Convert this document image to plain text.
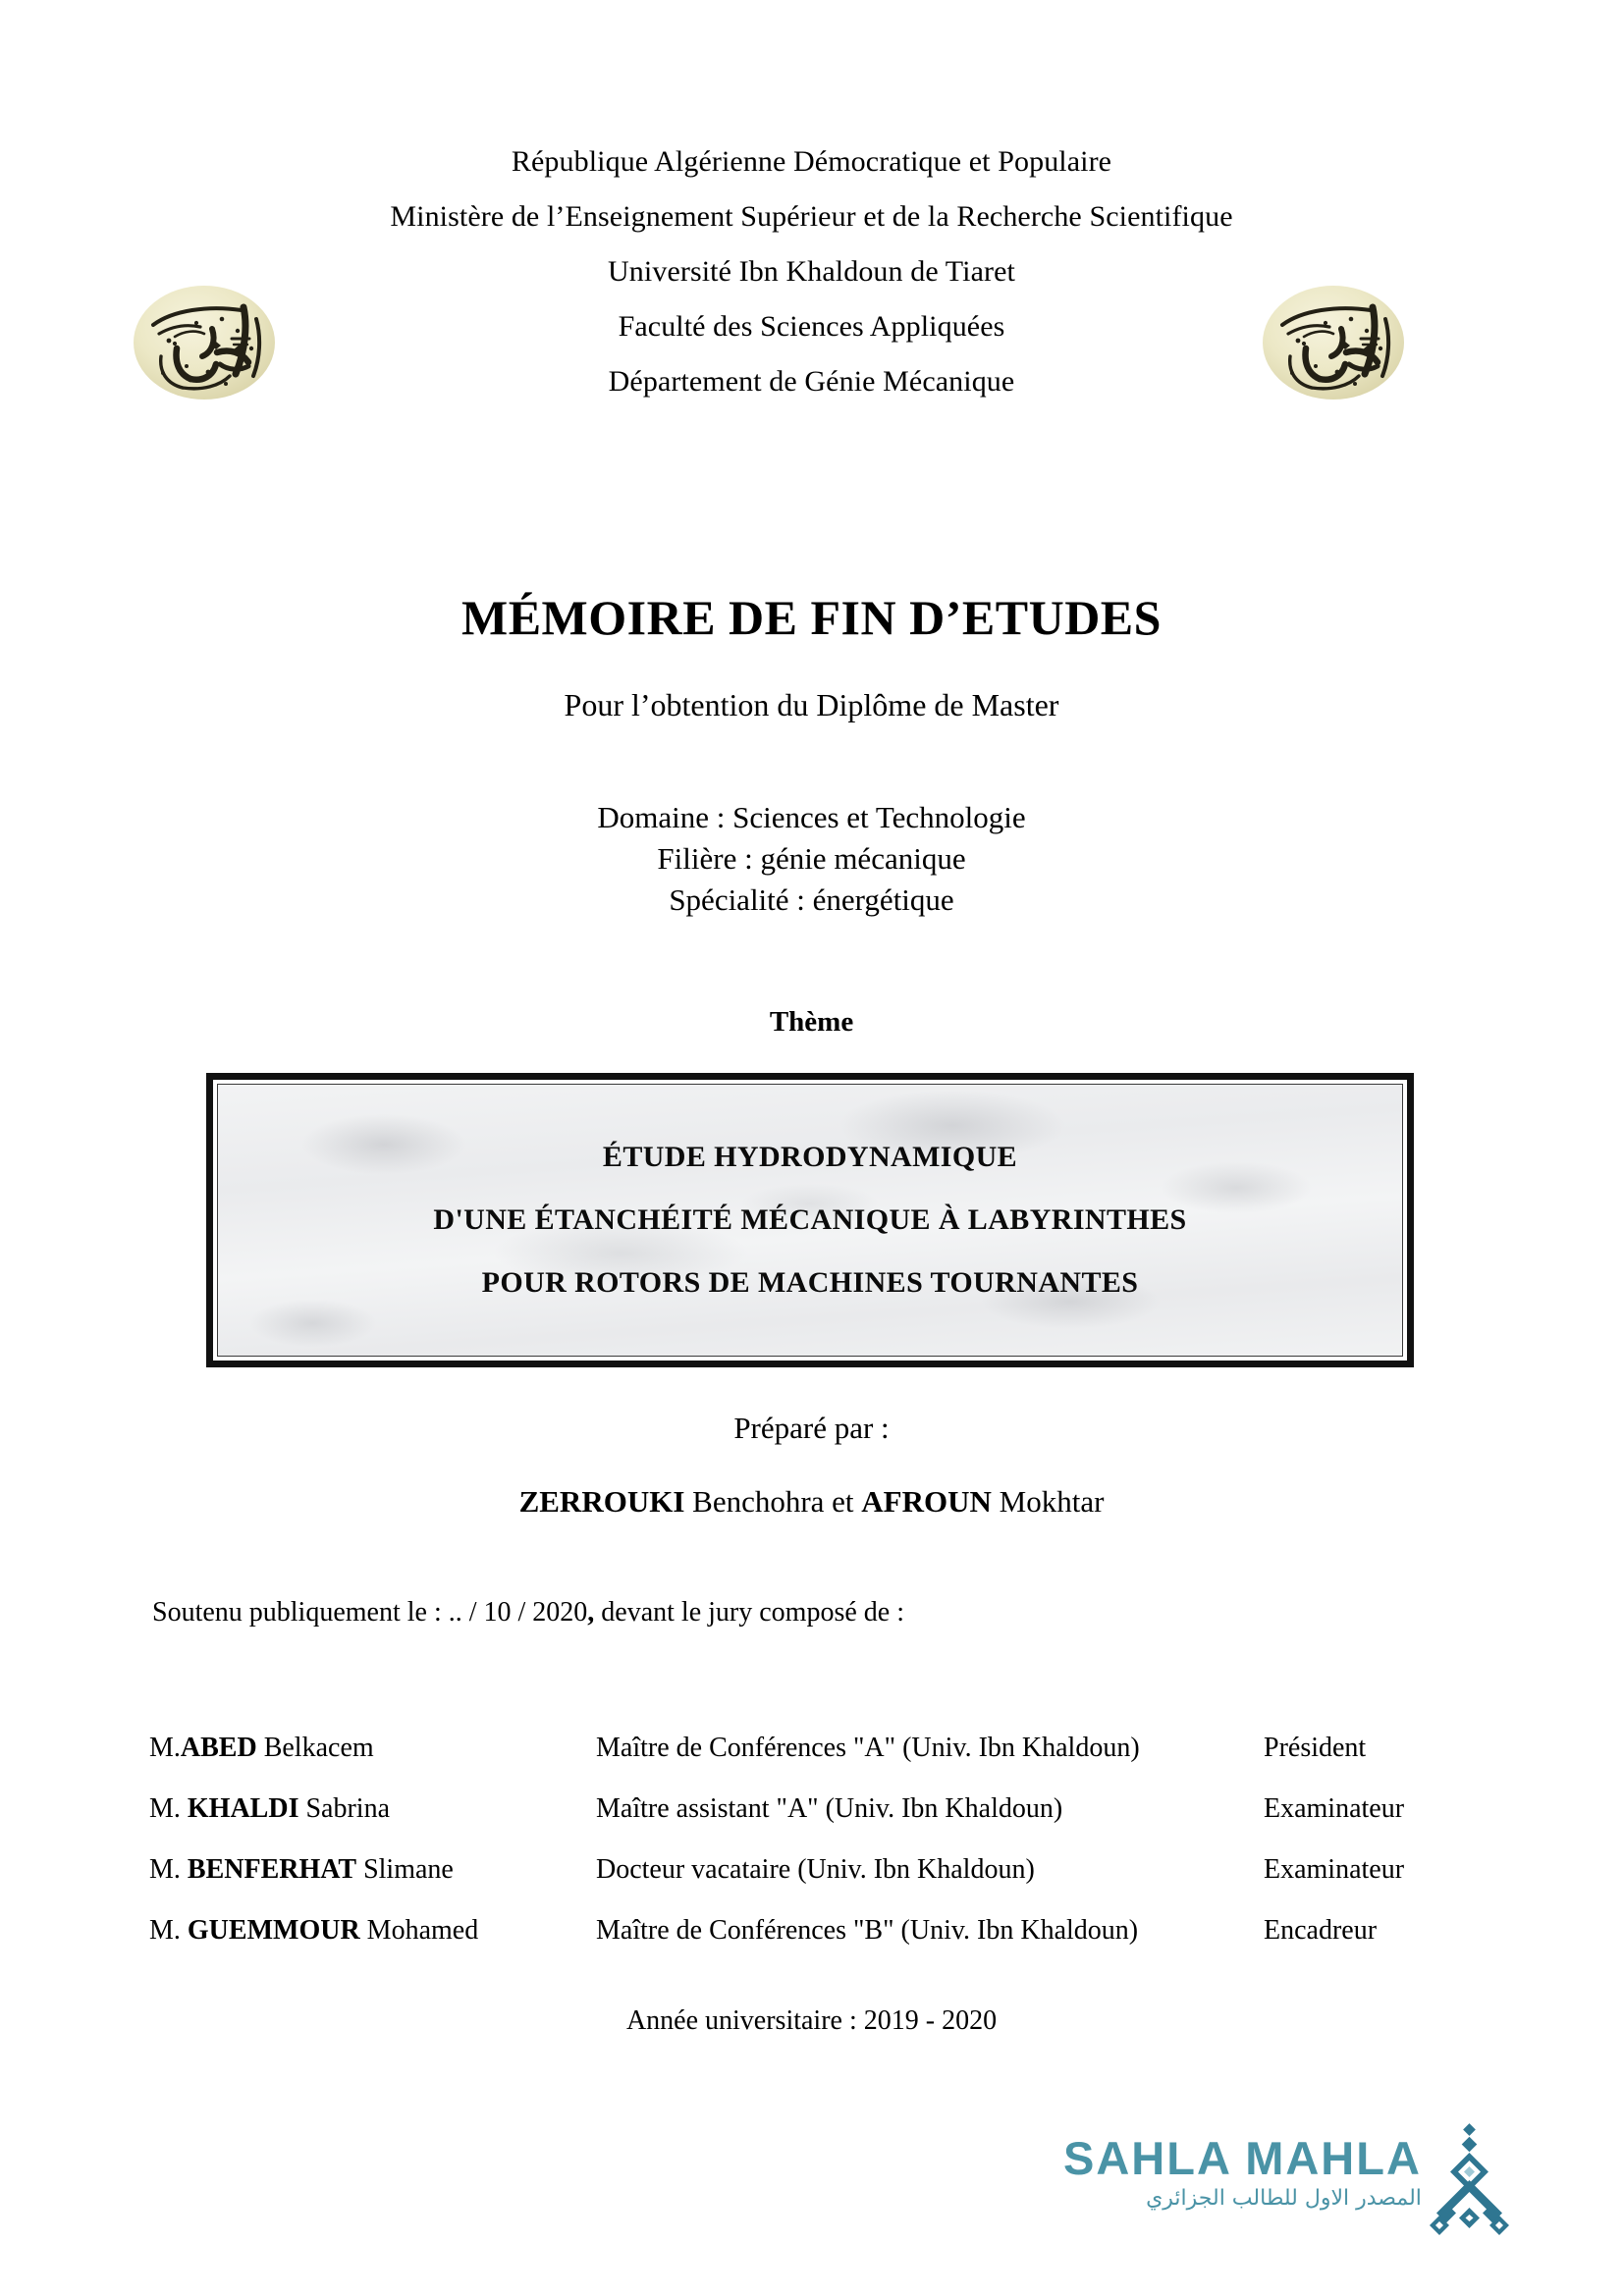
République Algérienne Démocratique et Populaire
Ministère de l’Enseignement Supérieur et de la Recherche Scientifique
Université Ibn Khaldoun de Tiaret
Faculté des Sciences Appliquées
Département de Génie Mécanique
MÉMOIRE DE FIN D’ETUDES
Pour l’obtention du Diplôme de Master
Domaine : Sciences et Technologie
Filière : génie mécanique
Spécialité : énergétique
Thème
ÉTUDE HYDRODYNAMIQUE
D'UNE ÉTANCHÉITÉ MÉCANIQUE À LABYRINTHES
POUR ROTORS DE MACHINES TOURNANTES
Préparé par :
ZERROUKI Benchohra et AFROUN Mokhtar
Soutenu publiquement le : .. / 10 / 2020, devant le jury composé de :
M.ABED Belkacem	Maître de Conférences "A" (Univ. Ibn Khaldoun)	Président
M. KHALDI Sabrina	Maître assistant "A" (Univ. Ibn Khaldoun)	Examinateur
M. BENFERHAT Slimane	Docteur vacataire (Univ. Ibn Khaldoun)	Examinateur
M. GUEMMOUR Mohamed	Maître de Conférences "B" (Univ. Ibn Khaldoun)	Encadreur
Année universitaire : 2019 - 2020
SAHLA MAHLA
المصدر الاول للطالب الجزائري
